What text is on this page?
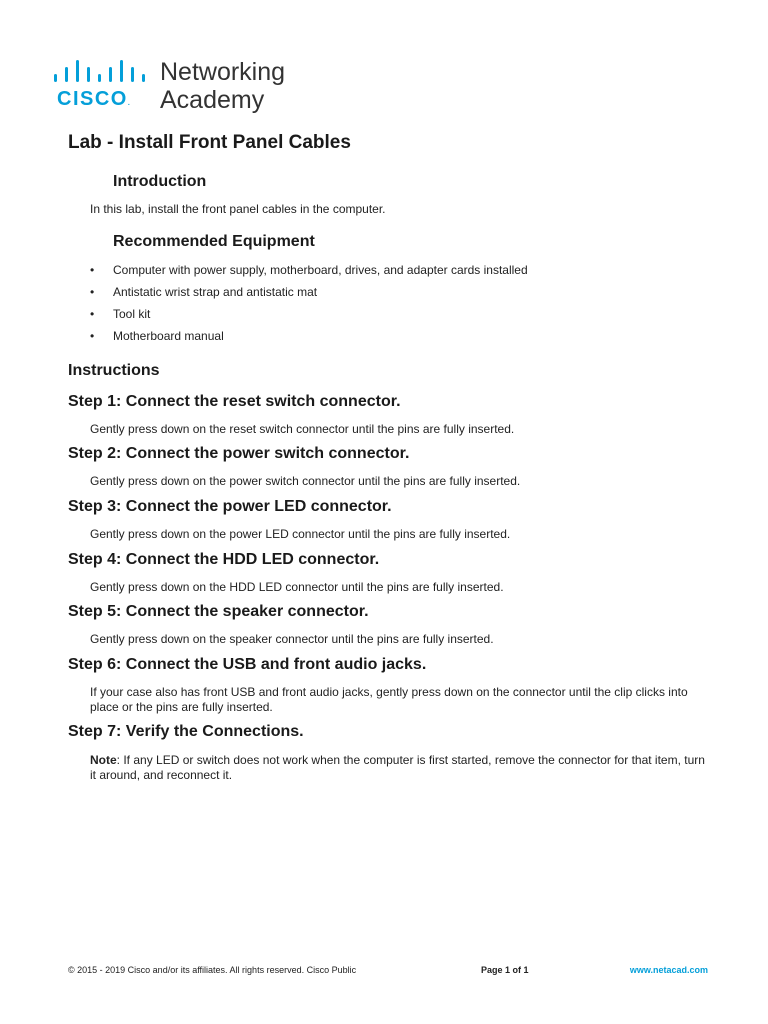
CISCO.
Networking
Academy
Lab - Install Front Panel Cables
Introduction

In this lab, install the front panel cables in the computer.

Recommended Equipment
• Computer with power supply, motherboard, drives, and adapter cards installed
• Antistatic wrist strap and antistatic mat
• Tool kit
• Motherboard manual
Instructions
Step 1: Connect the reset switch connector.

Gently press down on the reset switch connector until the pins are fully inserted.

Step 2: Connect the power switch connector.

Gently press down on the power switch connector until the pins are fully inserted.

Step 3: Connect the power LED connector.

Gently press down on the power LED connector until the pins are fully inserted.

Step 4: Connect the HDD LED connector.

Gently press down on the HDD LED connector until the pins are fully inserted.

Step 5: Connect the speaker connector.

Gently press down on the speaker connector until the pins are fully inserted.

Step 6: Connect the USB and front audio jacks.

If your case also has front USB and front audio jacks, gently press down on the connector until the clip clicks into place or the pins are fully inserted.

Step 7: Verify the Connections.

Note: If any LED or switch does not work when the computer is first started, remove the connector for that item, turn it around, and reconnect it.

© 2015 - 2019 Cisco and/or its affiliates. All rights reserved. Cisco Public	Page 1 of 1	www.netacad.com
